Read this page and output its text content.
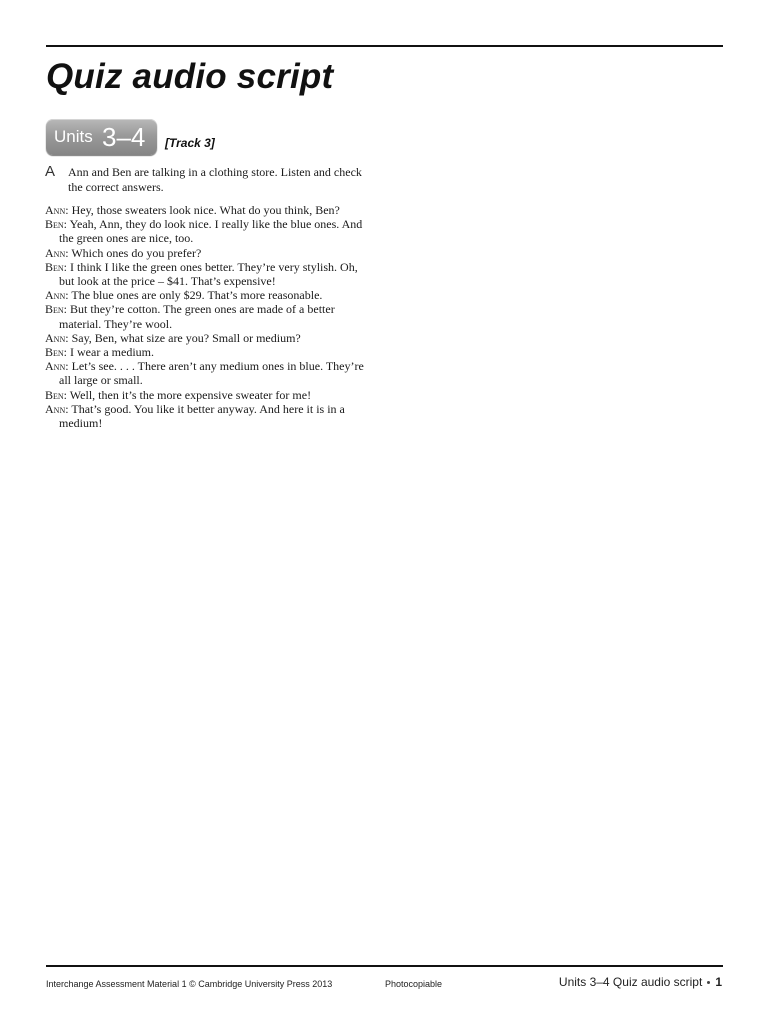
Quiz audio script
Units 3–4 [Track 3]
A Ann and Ben are talking in a clothing store. Listen and check the correct answers.

Ann: Hey, those sweaters look nice. What do you think, Ben?

Ben: Yeah, Ann, they do look nice. I really like the blue ones. And the green ones are nice, too.

Ann: Which ones do you prefer?

Ben: I think I like the green ones better. They’re very stylish. Oh, but look at the price – $41. That’s expensive!

Ann: The blue ones are only $29. That’s more reasonable.

Ben: But they’re cotton. The green ones are made of a better material. They’re wool.

Ann: Say, Ben, what size are you? Small or medium?

Ben: I wear a medium.

Ann: Let’s see. . . . There aren’t any medium ones in blue. They’re all large or small.

Ben: Well, then it’s the more expensive sweater for me!

Ann: That’s good. You like it better anyway. And here it is in a medium!

Interchange Assessment Material 1 © Cambridge University Press 2013	Photocopiable	Units 3–4 Quiz audio script 1
